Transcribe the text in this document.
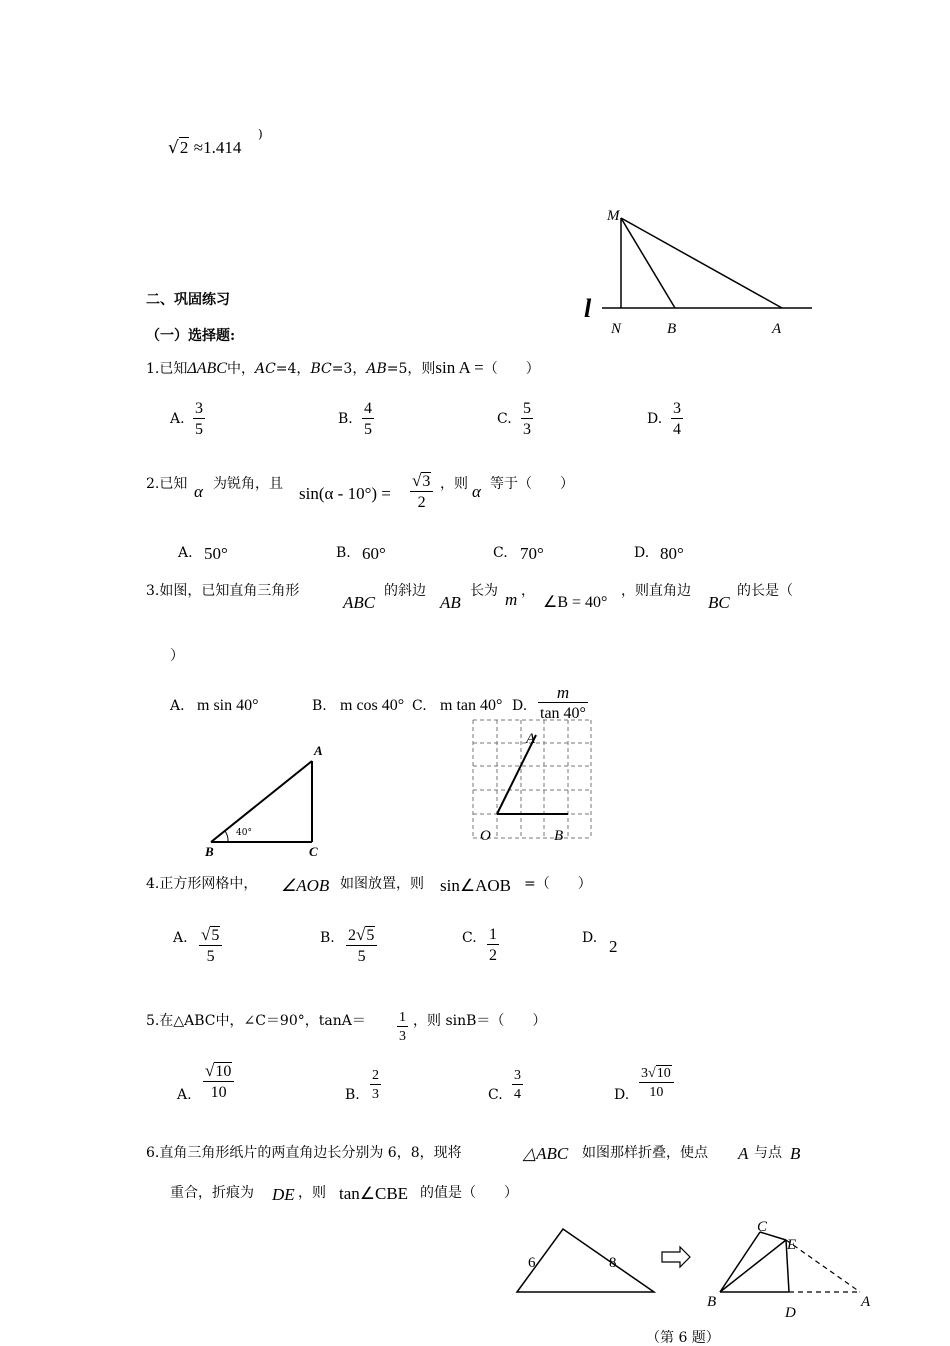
√2 ≈1.414
)
M
N	B	A
l
二、巩固练习
（一）选择题:
1.已知ΔABC中，AC=4，BC=3，AB=5，则sin A =（　　）
A. $\frac{3}{5}$	B. $\frac{4}{5}$	C. $\frac{5}{3}$	D. $\frac{3}{4}$
2.已知 α 为锐角，且 $\sin(\alpha - 10^\circ) = \frac{√3}{2}$ ，则 α 等于（　　）
A. 50°	B. 60°	C. 70°	D. 80°
3.如图，已知直角三角形
ABC
的斜边
AB
长为 m ，
∠B = 40°
，则直角边
BC
的长是（
）
A. m sin 40°	B. m cos 40° C. m tan 40° D. $\frac{m}{\tan 40^\circ}$
A
B	C
40°
A
O	B
4.正方形网格中， ∠AOB 如图放置，则 sin∠AOB =（　　）
A. $\frac{√5}{5}$	B. $\frac{2√5}{5}$	C. $\frac{1}{2}$	D. 2
5.在△ABC中，∠C＝90°，$\tan A= \frac{1}{3}$ ，则 sinB＝（　　）
A. $\frac{√10}{10}$	B. $\frac{2}{3}$	C. $\frac{3}{4}$	D. $\frac{3√10}{10}$
6.直角三角形纸片的两直角边长分别为 6，8，现将	△ABC 如图那样折叠，使点 A 与点 B
重合，折痕为 DE ，则 tan∠CBE 的值是（　　）
6	8
C
E
B
D
A
（第 6 题）
